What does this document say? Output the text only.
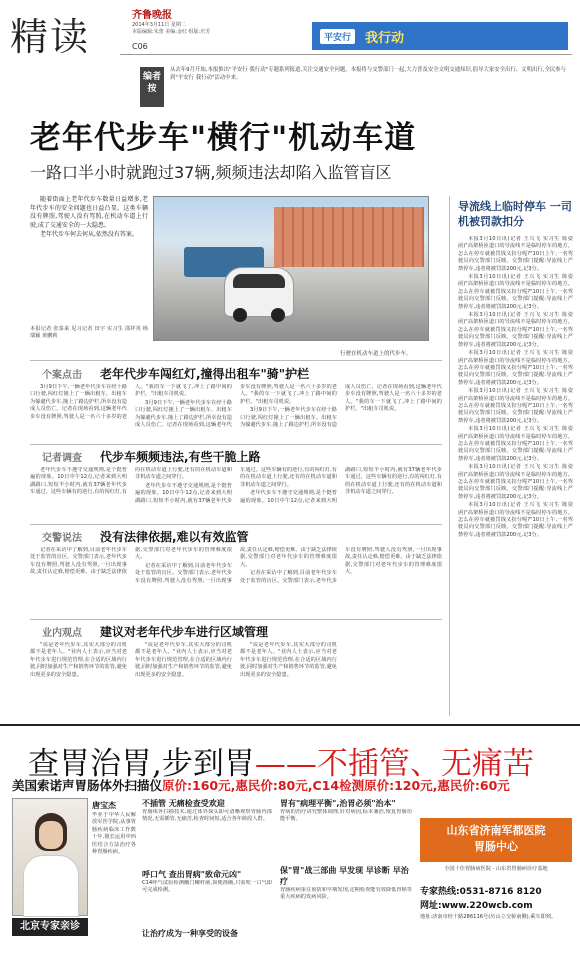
精读	齐鲁晚报
2014年3月11日 星期二
本版编辑:朱蕾 美编:金红 组版:庆芳
C06
平安行	我行动
编者按
从去年9月开始,本报推出"平安行 我行动"专题系列报道,关注交通安全问题。本报将与交警部门一起,大力普及安全文明交通知识,倡导大家安全出行、文明出行,全民参与到"平安行 我行动"活动中来。
老年代步车"横行"机动车道
一路口半小时就跑过37辆,频频违法却陷入监管盲区

随着街面上老年代步车数量日益增多,老年代步车的安全问题也日益凸显。这类车辆没有牌照,驾驶人没有驾照,在机动车道上行驶,成了交通安全的一大隐患。

老年代步车何去何从,依然没有答案。

本报记者 张泰来 见习记者 田宇 实习生 邵祥英 杨瑞颖 黄鹏莉
行驶在机动车道上的代步车。
个案点击 老年代步车闯红灯,撞得出租车"骑"护栏

3月9日下午,一辆老年代步车在经十路口行驶,闯红灯撞上了一辆出租车。出租车为躲避代步车,撞上了路边护栏,所幸没有造成人员伤亡。记者在现场看到,这辆老年代步车没有牌照,驾驶人是一名六十多岁的老人。"我的车一下就飞了,冲上了路中间的护栏。"出租车司机说。

3月9日下午,一辆老年代步车在经十路口行驶,闯红灯撞上了一辆出租车。出租车为躲避代步车,撞上了路边护栏,所幸没有造成人员伤亡。记者在现场看到,这辆老年代步车没有牌照,驾驶人是一名六十多岁的老人。"我的车一下就飞了,冲上了路中间的护栏。"出租车司机说。

3月9日下午,一辆老年代步车在经十路口行驶,闯红灯撞上了一辆出租车。出租车为躲避代步车,撞上了路边护栏,所幸没有造成人员伤亡。记者在现场看到,这辆老年代步车没有牌照,驾驶人是一名六十多岁的老人。"我的车一下就飞了,冲上了路中间的护栏。"出租车司机说。

记者调查 代步车频频违法,有些干脆上路

老年代步车不遵守交通规则,是个挺普遍的现象。10日中午12点,记者来到大明湖路口,短短半小时内,就有37辆老年代步车通过。这些车辆有的逆行,有的闯红灯,有的在机动车道上行驶,还有的在机动车道和非机动车道之间穿行。

老年代步车不遵守交通规则,是个挺普遍的现象。10日中午12点,记者来到大明湖路口,短短半小时内,就有37辆老年代步车通过。这些车辆有的逆行,有的闯红灯,有的在机动车道上行驶,还有的在机动车道和非机动车道之间穿行。

老年代步车不遵守交通规则,是个挺普遍的现象。10日中午12点,记者来到大明湖路口,短短半小时内,就有37辆老年代步车通过。这些车辆有的逆行,有的闯红灯,有的在机动车道上行驶,还有的在机动车道和非机动车道之间穿行。

交警说法 没有法律依据,难以有效监管

记者在采访中了解到,目前老年代步车处于监管的盲区。交警部门表示,老年代步车没有牌照,驾驶人没有驾照,一旦出现事故,责任认定难,赔偿更难。由于缺乏法律依据,交警部门对老年代步车的管理难度很大。

记者在采访中了解到,目前老年代步车处于监管的盲区。交警部门表示,老年代步车没有牌照,驾驶人没有驾照,一旦出现事故,责任认定难,赔偿更难。由于缺乏法律依据,交警部门对老年代步车的管理难度很大。

记者在采访中了解到,目前老年代步车处于监管的盲区。交警部门表示,老年代步车没有牌照,驾驶人没有驾照,一旦出现事故,责任认定难,赔偿更难。由于缺乏法律依据,交警部门对老年代步车的管理难度很大。

业内观点 建议对老年代步车进行区域管理

"说是老年代步车,其实大部分的司机都不是老年人。"业内人士表示,应当对老年代步车进行规范管理,在合适的区域内行驶,同时加强对生产和销售环节的监管,避免出现更多的安全隐患。

"说是老年代步车,其实大部分的司机都不是老年人。"业内人士表示,应当对老年代步车进行规范管理,在合适的区域内行驶,同时加强对生产和销售环节的监管,避免出现更多的安全隐患。

"说是老年代步车,其实大部分的司机都不是老年人。"业内人士表示,应当对老年代步车进行规范管理,在合适的区域内行驶,同时加强对生产和销售环节的监管,避免出现更多的安全隐患。

导流线上临时停车 一司机被罚款扣分

本报3月10日讯(记者 王兴飞 实习生 陈姿函)"高架桥匝道口的导流线不是临时停车的地方。怎么在停车就被罚钱又扣分呢?"10日上午,一名驾驶员向交警部门反映。交警部门提醒:导流线上严禁停车,违者将被罚款200元,记3分。

本报3月10日讯(记者 王兴飞 实习生 陈姿函)"高架桥匝道口的导流线不是临时停车的地方。怎么在停车就被罚钱又扣分呢?"10日上午,一名驾驶员向交警部门反映。交警部门提醒:导流线上严禁停车,违者将被罚款200元,记3分。

本报3月10日讯(记者 王兴飞 实习生 陈姿函)"高架桥匝道口的导流线不是临时停车的地方。怎么在停车就被罚钱又扣分呢?"10日上午,一名驾驶员向交警部门反映。交警部门提醒:导流线上严禁停车,违者将被罚款200元,记3分。

本报3月10日讯(记者 王兴飞 实习生 陈姿函)"高架桥匝道口的导流线不是临时停车的地方。怎么在停车就被罚钱又扣分呢?"10日上午,一名驾驶员向交警部门反映。交警部门提醒:导流线上严禁停车,违者将被罚款200元,记3分。

本报3月10日讯(记者 王兴飞 实习生 陈姿函)"高架桥匝道口的导流线不是临时停车的地方。怎么在停车就被罚钱又扣分呢?"10日上午,一名驾驶员向交警部门反映。交警部门提醒:导流线上严禁停车,违者将被罚款200元,记3分。

本报3月10日讯(记者 王兴飞 实习生 陈姿函)"高架桥匝道口的导流线不是临时停车的地方。怎么在停车就被罚钱又扣分呢?"10日上午,一名驾驶员向交警部门反映。交警部门提醒:导流线上严禁停车,违者将被罚款200元,记3分。

本报3月10日讯(记者 王兴飞 实习生 陈姿函)"高架桥匝道口的导流线不是临时停车的地方。怎么在停车就被罚钱又扣分呢?"10日上午,一名驾驶员向交警部门反映。交警部门提醒:导流线上严禁停车,违者将被罚款200元,记3分。

本报3月10日讯(记者 王兴飞 实习生 陈姿函)"高架桥匝道口的导流线不是临时停车的地方。怎么在停车就被罚钱又扣分呢?"10日上午,一名驾驶员向交警部门反映。交警部门提醒:导流线上严禁停车,违者将被罚款200元,记3分。

查胃治胃,步到胃——不插管、无痛苦
美国索诺声胃肠体外扫描仪原价:160元,惠民价:80元,C14检测原价:120元,惠民价:60元
北京专家亲诊
唐宝杰
毕业于中华人民解放军医学院,从事胃肠疾病临床工作数十年,擅长运用中西医结合方法治疗各种胃肠疾病。
不插管 无痛检查受欢迎
胃肠体外扫描技术,通过体外探头即可清晰观察胃肠内部情况,无需插管,无痛苦,检查时间短,适合各年龄段人群。
呼口气 查出胃病"致命元凶"
C14呼气试验检测幽门螺杆菌,简便准确,只需吹一口气即可完成检测。
让治疗成为一种享受的设备
胃有"病理平衡",治胃必须"治本"
胃病的治疗讲究整体调理,针对病因,标本兼治,恢复胃肠功能平衡。
保"胃"战三部曲 早发现 早诊断 早治疗
胃肠疾病重在预防和早期发现,定期检查能有效降低胃癌等重大疾病的发病风险。
山东省济南军都医院
胃肠中心
全国十佳胃肠病医院 · 山东省胃肠病诊疗基地
专家热线:0531-8716 8120
网址:www.220wcb.com
地址:济南市经十路286116号(历山立交桥南侧),乘车即到。
